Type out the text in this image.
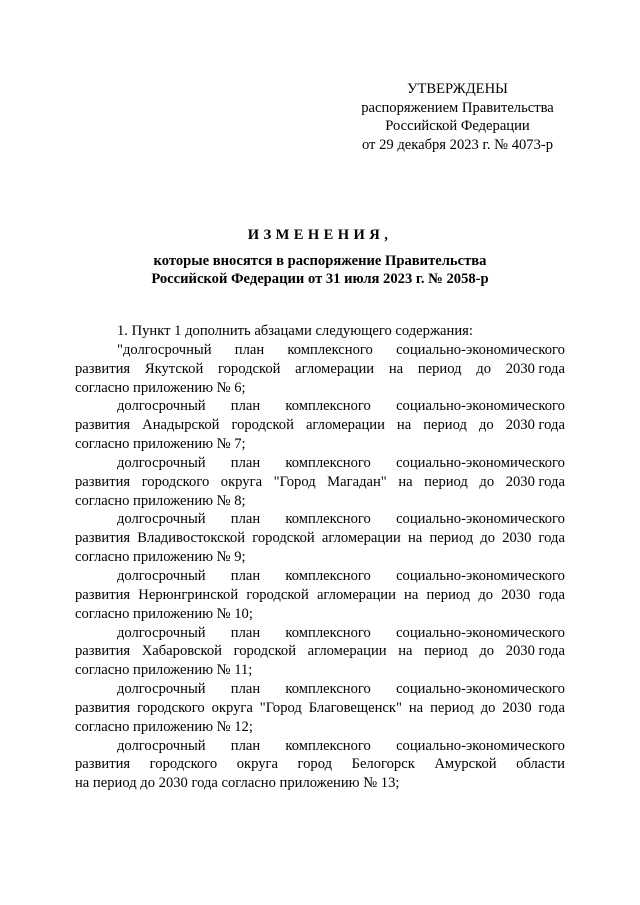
УТВЕРЖДЕНЫ
распоряжением Правительства
Российской Федерации
от 29 декабря 2023 г. № 4073-р
ИЗМЕНЕНИЯ,
которые вносятся в распоряжение Правительства
Российской Федерации от 31 июля 2023 г. № 2058-р
1. Пункт 1 дополнить абзацами следующего содержания:
"долгосрочный план комплексного социально-экономического
развития Якутской городской агломерации на период до 2030 года
согласно приложению № 6;
долгосрочный план комплексного социально-экономического
развития Анадырской городской агломерации на период до 2030 года
согласно приложению № 7;
долгосрочный план комплексного социально-экономического
развития городского округа "Город Магадан" на период до 2030 года
согласно приложению № 8;
долгосрочный план комплексного социально-экономического
развития Владивостокской городской агломерации на период до 2030 года
согласно приложению № 9;
долгосрочный план комплексного социально-экономического
развития Нерюнгринской городской агломерации на период до 2030 года
согласно приложению № 10;
долгосрочный план комплексного социально-экономического
развития Хабаровской городской агломерации на период до 2030 года
согласно приложению № 11;
долгосрочный план комплексного социально-экономического
развития городского округа "Город Благовещенск" на период до 2030 года
согласно приложению № 12;
долгосрочный план комплексного социально-экономического
развития городского округа город Белогорск Амурской области
на период до 2030 года согласно приложению № 13;
